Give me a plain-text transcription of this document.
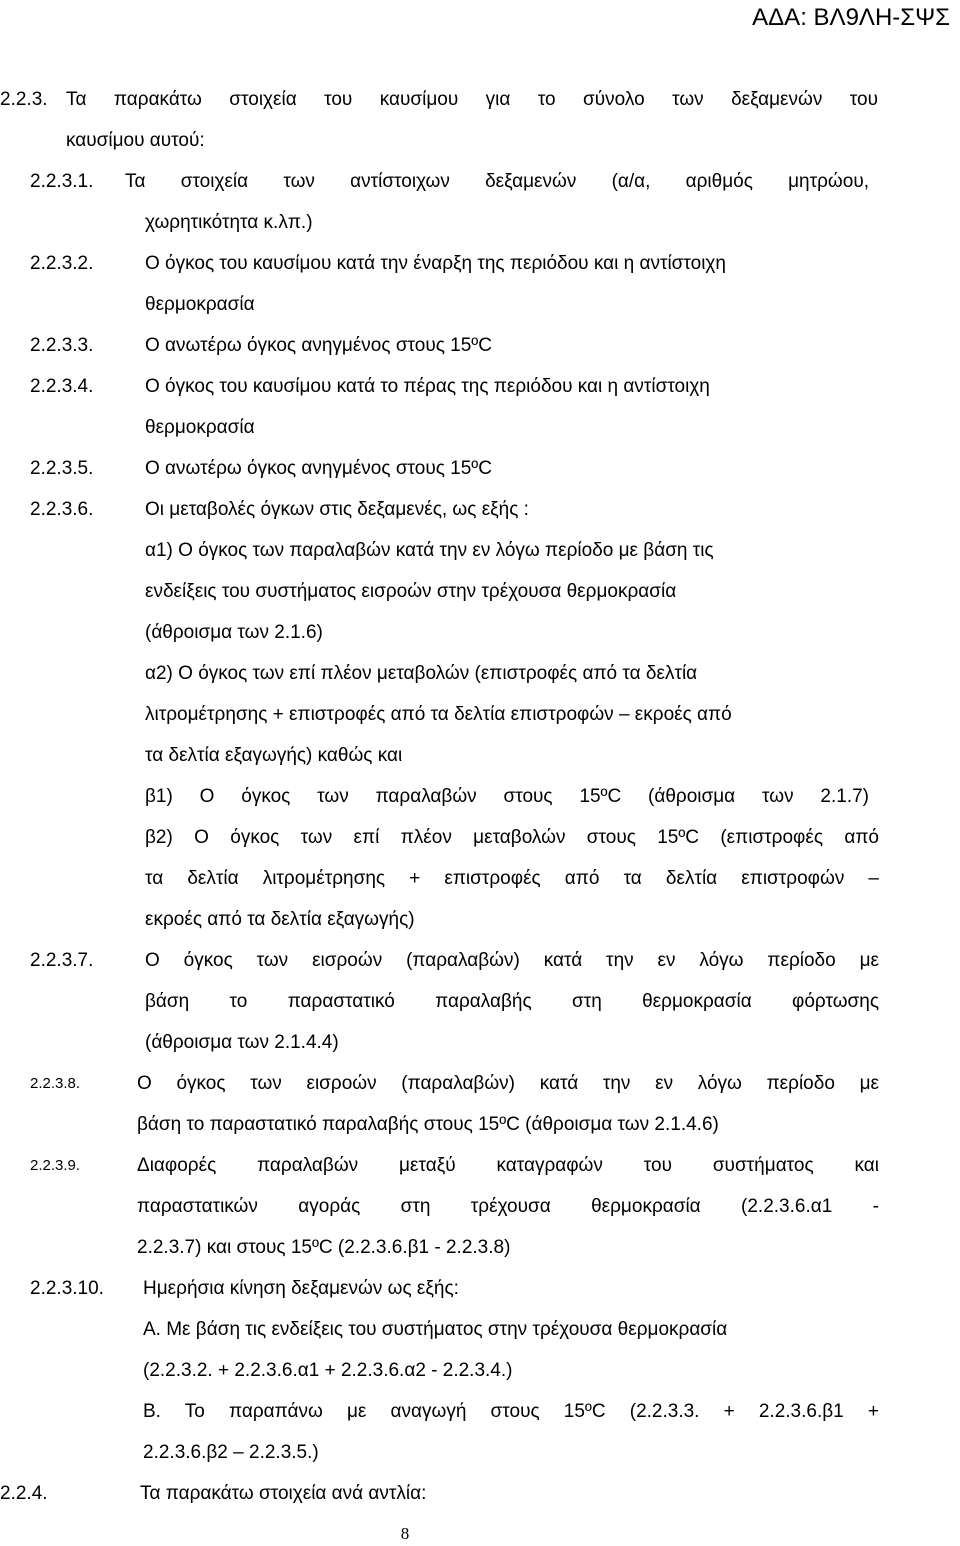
ΑΔΑ: ΒΛ9ΛΗ-ΣΨΣ
2.2.3. Τα παρακάτω στοιχεία του καυσίμου για το σύνολο των δεξαμενών του
καυσίμου αυτού:
2.2.3.1. Τα στοιχεία των αντίστοιχων δεξαμενών (α/α, αριθμός μητρώου,
χωρητικότητα κ.λπ.)
2.2.3.2.	Ο όγκος του καυσίμου κατά την έναρξη της περιόδου και η αντίστοιχη
θερμοκρασία
2.2.3.3.	Ο ανωτέρω όγκος ανηγμένος στους 15ºC
2.2.3.4.	Ο όγκος του καυσίμου κατά το πέρας της περιόδου και η αντίστοιχη
θερμοκρασία
2.2.3.5.	Ο ανωτέρω όγκος ανηγμένος στους 15ºC
2.2.3.6.	Οι μεταβολές όγκων στις δεξαμενές, ως εξής :
α1) Ο όγκος των παραλαβών κατά την εν λόγω περίοδο με βάση τις
ενδείξεις του συστήματος εισροών στην τρέχουσα θερμοκρασία
(άθροισμα των 2.1.6)
α2) Ο όγκος των επί πλέον μεταβολών (επιστροφές από τα δελτία
λιτρομέτρησης + επιστροφές από τα δελτία επιστροφών – εκροές από
τα δελτία εξαγωγής) καθώς και
β1) Ο όγκος των παραλαβών στους 15ºC (άθροισμα των 2.1.7)
β2) Ο όγκος των επί πλέον μεταβολών στους 15ºC (επιστροφές από
τα δελτία λιτρομέτρησης + επιστροφές από τα δελτία επιστροφών –
εκροές από τα δελτία εξαγωγής)
2.2.3.7.	Ο όγκος των εισροών (παραλαβών) κατά την εν λόγω περίοδο με
βάση το παραστατικό παραλαβής στη θερμοκρασία φόρτωσης
(άθροισμα των 2.1.4.4)
2.2.3.8.	Ο όγκος των εισροών (παραλαβών) κατά την εν λόγω περίοδο με
βάση το παραστατικό παραλαβής στους 15ºC (άθροισμα των 2.1.4.6)
2.2.3.9.	Διαφορές παραλαβών μεταξύ καταγραφών του συστήματος και
παραστατικών αγοράς στη τρέχουσα θερμοκρασία (2.2.3.6.α1 -
2.2.3.7) και στους 15ºC (2.2.3.6.β1 - 2.2.3.8)
2.2.3.10. Ημερήσια κίνηση δεξαμενών ως εξής:
Α. Με βάση τις ενδείξεις του συστήματος στην τρέχουσα θερμοκρασία
(2.2.3.2. + 2.2.3.6.α1 + 2.2.3.6.α2 - 2.2.3.4.)
Β. Το παραπάνω με αναγωγή στους 15ºC (2.2.3.3. + 2.2.3.6.β1 +
2.2.3.6.β2 – 2.2.3.5.)
2.2.4.	Τα παρακάτω στοιχεία ανά αντλία:
8
